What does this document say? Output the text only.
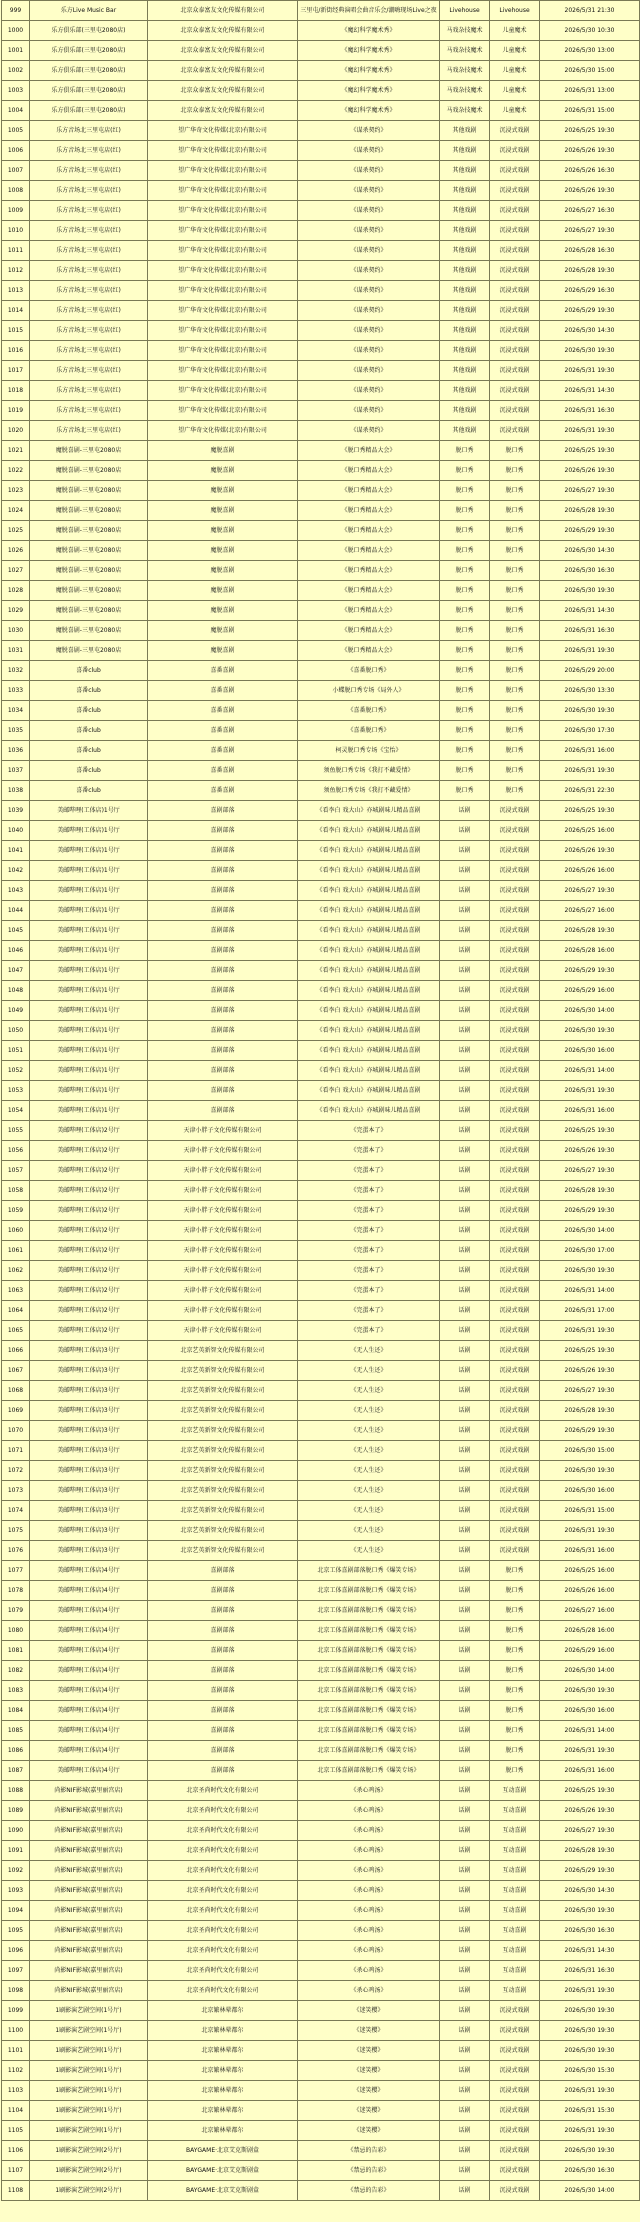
999	乐方Live Music Bar	北京众泰富友文化传媒有限公司	三里屯/新街经典演唱会曲音乐会/潮嗨现场Live之夜	Livehouse	Livehouse	2026/5/31 21:30
1000	乐方俱乐部(三里屯2080店)	北京众泰富友文化传媒有限公司	《魔幻科学魔术秀》	马戏杂技魔术	儿童魔术	2026/5/30 10:30
1001	乐方俱乐部(三里屯2080店)	北京众泰富友文化传媒有限公司	《魔幻科学魔术秀》	马戏杂技魔术	儿童魔术	2026/5/30 13:00
1002	乐方俱乐部(三里屯2080店)	北京众泰富友文化传媒有限公司	《魔幻科学魔术秀》	马戏杂技魔术	儿童魔术	2026/5/30 15:00
1003	乐方俱乐部(三里屯2080店)	北京众泰富友文化传媒有限公司	《魔幻科学魔术秀》	马戏杂技魔术	儿童魔术	2026/5/31 13:00
1004	乐方俱乐部(三里屯2080店)	北京众泰富友文化传媒有限公司	《魔幻科学魔术秀》	马戏杂技魔术	儿童魔术	2026/5/31 15:00
1005	乐方音场北三里屯店(红)	望广华奇文化传媒(北京)有限公司	《谋杀契约》	其他戏剧	沉浸式戏剧	2026/5/25 19:30
1006	乐方音场北三里屯店(红)	望广华奇文化传媒(北京)有限公司	《谋杀契约》	其他戏剧	沉浸式戏剧	2026/5/26 19:30
1007	乐方音场北三里屯店(红)	望广华奇文化传媒(北京)有限公司	《谋杀契约》	其他戏剧	沉浸式戏剧	2026/5/26 16:30
1008	乐方音场北三里屯店(红)	望广华奇文化传媒(北京)有限公司	《谋杀契约》	其他戏剧	沉浸式戏剧	2026/5/26 19:30
1009	乐方音场北三里屯店(红)	望广华奇文化传媒(北京)有限公司	《谋杀契约》	其他戏剧	沉浸式戏剧	2026/5/27 16:30
1010	乐方音场北三里屯店(红)	望广华奇文化传媒(北京)有限公司	《谋杀契约》	其他戏剧	沉浸式戏剧	2026/5/27 19:30
1011	乐方音场北三里屯店(红)	望广华奇文化传媒(北京)有限公司	《谋杀契约》	其他戏剧	沉浸式戏剧	2026/5/28 16:30
1012	乐方音场北三里屯店(红)	望广华奇文化传媒(北京)有限公司	《谋杀契约》	其他戏剧	沉浸式戏剧	2026/5/28 19:30
1013	乐方音场北三里屯店(红)	望广华奇文化传媒(北京)有限公司	《谋杀契约》	其他戏剧	沉浸式戏剧	2026/5/29 16:30
1014	乐方音场北三里屯店(红)	望广华奇文化传媒(北京)有限公司	《谋杀契约》	其他戏剧	沉浸式戏剧	2026/5/29 19:30
1015	乐方音场北三里屯店(红)	望广华奇文化传媒(北京)有限公司	《谋杀契约》	其他戏剧	沉浸式戏剧	2026/5/30 14:30
1016	乐方音场北三里屯店(红)	望广华奇文化传媒(北京)有限公司	《谋杀契约》	其他戏剧	沉浸式戏剧	2026/5/30 19:30
1017	乐方音场北三里屯店(红)	望广华奇文化传媒(北京)有限公司	《谋杀契约》	其他戏剧	沉浸式戏剧	2026/5/31 19:30
1018	乐方音场北三里屯店(红)	望广华奇文化传媒(北京)有限公司	《谋杀契约》	其他戏剧	沉浸式戏剧	2026/5/31 14:30
1019	乐方音场北三里屯店(红)	望广华奇文化传媒(北京)有限公司	《谋杀契约》	其他戏剧	沉浸式戏剧	2026/5/31 16:30
1020	乐方音场北三里屯店(红)	望广华奇文化传媒(北京)有限公司	《谋杀契约》	其他戏剧	沉浸式戏剧	2026/5/31 19:30
1021	魔脱喜剧-三里屯2080店	魔脱喜剧	《脱口秀精品大会》	脱口秀	脱口秀	2026/5/25 19:30
1022	魔脱喜剧-三里屯2080店	魔脱喜剧	《脱口秀精品大会》	脱口秀	脱口秀	2026/5/26 19:30
1023	魔脱喜剧-三里屯2080店	魔脱喜剧	《脱口秀精品大会》	脱口秀	脱口秀	2026/5/27 19:30
1024	魔脱喜剧-三里屯2080店	魔脱喜剧	《脱口秀精品大会》	脱口秀	脱口秀	2026/5/28 19:30
1025	魔脱喜剧-三里屯2080店	魔脱喜剧	《脱口秀精品大会》	脱口秀	脱口秀	2026/5/29 19:30
1026	魔脱喜剧-三里屯2080店	魔脱喜剧	《脱口秀精品大会》	脱口秀	脱口秀	2026/5/30 14:30
1027	魔脱喜剧-三里屯2080店	魔脱喜剧	《脱口秀精品大会》	脱口秀	脱口秀	2026/5/30 16:30
1028	魔脱喜剧-三里屯2080店	魔脱喜剧	《脱口秀精品大会》	脱口秀	脱口秀	2026/5/30 19:30
1029	魔脱喜剧-三里屯2080店	魔脱喜剧	《脱口秀精品大会》	脱口秀	脱口秀	2026/5/31 14:30
1030	魔脱喜剧-三里屯2080店	魔脱喜剧	《脱口秀精品大会》	脱口秀	脱口秀	2026/5/31 16:30
1031	魔脱喜剧-三里屯2080店	魔脱喜剧	《脱口秀精品大会》	脱口秀	脱口秀	2026/5/31 19:30
1032	喜番club	喜番喜剧	《喜番脱口秀》	脱口秀	脱口秀	2026/5/29 20:00
1033	喜番club	喜番喜剧	小蝶脱口秀专场《局外人》	脱口秀	脱口秀	2026/5/30 13:30
1034	喜番club	喜番喜剧	《喜番脱口秀》	脱口秀	脱口秀	2026/5/30 19:30
1035	喜番club	喜番喜剧	《喜番脱口秀》	脱口秀	脱口秀	2026/5/30 17:30
1036	喜番club	喜番喜剧	柯灵脱口秀专场《宝怡》	脱口秀	脱口秀	2026/5/31 16:00
1037	喜番club	喜番喜剧	须鱼脱口秀专场《我打不藏爱情》	脱口秀	脱口秀	2026/5/31 19:30
1038	喜番club	喜番喜剧	须鱼脱口秀专场《我打不藏爱情》	脱口秀	脱口秀	2026/5/31 22:30
1039	美邮哔哩(工体店)1号厅	喜剧部落	《看李白 戏大山》亦城剧味儿精品喜剧	话剧	沉浸式戏剧	2026/5/25 19:30
1040	美邮哔哩(工体店)1号厅	喜剧部落	《看李白 戏大山》亦城剧味儿精品喜剧	话剧	沉浸式戏剧	2026/5/25 16:00
1041	美邮哔哩(工体店)1号厅	喜剧部落	《看李白 戏大山》亦城剧味儿精品喜剧	话剧	沉浸式戏剧	2026/5/26 19:30
1042	美邮哔哩(工体店)1号厅	喜剧部落	《看李白 戏大山》亦城剧味儿精品喜剧	话剧	沉浸式戏剧	2026/5/26 16:00
1043	美邮哔哩(工体店)1号厅	喜剧部落	《看李白 戏大山》亦城剧味儿精品喜剧	话剧	沉浸式戏剧	2026/5/27 19:30
1044	美邮哔哩(工体店)1号厅	喜剧部落	《看李白 戏大山》亦城剧味儿精品喜剧	话剧	沉浸式戏剧	2026/5/27 16:00
1045	美邮哔哩(工体店)1号厅	喜剧部落	《看李白 戏大山》亦城剧味儿精品喜剧	话剧	沉浸式戏剧	2026/5/28 19:30
1046	美邮哔哩(工体店)1号厅	喜剧部落	《看李白 戏大山》亦城剧味儿精品喜剧	话剧	沉浸式戏剧	2026/5/28 16:00
1047	美邮哔哩(工体店)1号厅	喜剧部落	《看李白 戏大山》亦城剧味儿精品喜剧	话剧	沉浸式戏剧	2026/5/29 19:30
1048	美邮哔哩(工体店)1号厅	喜剧部落	《看李白 戏大山》亦城剧味儿精品喜剧	话剧	沉浸式戏剧	2026/5/29 16:00
1049	美邮哔哩(工体店)1号厅	喜剧部落	《看李白 戏大山》亦城剧味儿精品喜剧	话剧	沉浸式戏剧	2026/5/30 14:00
1050	美邮哔哩(工体店)1号厅	喜剧部落	《看李白 戏大山》亦城剧味儿精品喜剧	话剧	沉浸式戏剧	2026/5/30 19:30
1051	美邮哔哩(工体店)1号厅	喜剧部落	《看李白 戏大山》亦城剧味儿精品喜剧	话剧	沉浸式戏剧	2026/5/30 16:00
1052	美邮哔哩(工体店)1号厅	喜剧部落	《看李白 戏大山》亦城剧味儿精品喜剧	话剧	沉浸式戏剧	2026/5/31 14:00
1053	美邮哔哩(工体店)1号厅	喜剧部落	《看李白 戏大山》亦城剧味儿精品喜剧	话剧	沉浸式戏剧	2026/5/31 19:30
1054	美邮哔哩(工体店)1号厅	喜剧部落	《看李白 戏大山》亦城剧味儿精品喜剧	话剧	沉浸式戏剧	2026/5/31 16:00
1055	美邮哔哩(工体店)2号厅	天津小胖子文化传媒有限公司	《完蛋本了》	话剧	沉浸式戏剧	2026/5/25 19:30
1056	美邮哔哩(工体店)2号厅	天津小胖子文化传媒有限公司	《完蛋本了》	话剧	沉浸式戏剧	2026/5/26 19:30
1057	美邮哔哩(工体店)2号厅	天津小胖子文化传媒有限公司	《完蛋本了》	话剧	沉浸式戏剧	2026/5/27 19:30
1058	美邮哔哩(工体店)2号厅	天津小胖子文化传媒有限公司	《完蛋本了》	话剧	沉浸式戏剧	2026/5/28 19:30
1059	美邮哔哩(工体店)2号厅	天津小胖子文化传媒有限公司	《完蛋本了》	话剧	沉浸式戏剧	2026/5/29 19:30
1060	美邮哔哩(工体店)2号厅	天津小胖子文化传媒有限公司	《完蛋本了》	话剧	沉浸式戏剧	2026/5/30 14:00
1061	美邮哔哩(工体店)2号厅	天津小胖子文化传媒有限公司	《完蛋本了》	话剧	沉浸式戏剧	2026/5/30 17:00
1062	美邮哔哩(工体店)2号厅	天津小胖子文化传媒有限公司	《完蛋本了》	话剧	沉浸式戏剧	2026/5/30 19:30
1063	美邮哔哩(工体店)2号厅	天津小胖子文化传媒有限公司	《完蛋本了》	话剧	沉浸式戏剧	2026/5/31 14:00
1064	美邮哔哩(工体店)2号厅	天津小胖子文化传媒有限公司	《完蛋本了》	话剧	沉浸式戏剧	2026/5/31 17:00
1065	美邮哔哩(工体店)2号厅	天津小胖子文化传媒有限公司	《完蛋本了》	话剧	沉浸式戏剧	2026/5/31 19:30
1066	美邮哔哩(工体店)3号厅	北京艺英新智文化传媒有限公司	《无人生还》	话剧	沉浸式戏剧	2026/5/25 19:30
1067	美邮哔哩(工体店)3号厅	北京艺英新智文化传媒有限公司	《无人生还》	话剧	沉浸式戏剧	2026/5/26 19:30
1068	美邮哔哩(工体店)3号厅	北京艺英新智文化传媒有限公司	《无人生还》	话剧	沉浸式戏剧	2026/5/27 19:30
1069	美邮哔哩(工体店)3号厅	北京艺英新智文化传媒有限公司	《无人生还》	话剧	沉浸式戏剧	2026/5/28 19:30
1070	美邮哔哩(工体店)3号厅	北京艺英新智文化传媒有限公司	《无人生还》	话剧	沉浸式戏剧	2026/5/29 19:30
1071	美邮哔哩(工体店)3号厅	北京艺英新智文化传媒有限公司	《无人生还》	话剧	沉浸式戏剧	2026/5/30 15:00
1072	美邮哔哩(工体店)3号厅	北京艺英新智文化传媒有限公司	《无人生还》	话剧	沉浸式戏剧	2026/5/30 19:30
1073	美邮哔哩(工体店)3号厅	北京艺英新智文化传媒有限公司	《无人生还》	话剧	沉浸式戏剧	2026/5/30 16:00
1074	美邮哔哩(工体店)3号厅	北京艺英新智文化传媒有限公司	《无人生还》	话剧	沉浸式戏剧	2026/5/31 15:00
1075	美邮哔哩(工体店)3号厅	北京艺英新智文化传媒有限公司	《无人生还》	话剧	沉浸式戏剧	2026/5/31 19:30
1076	美邮哔哩(工体店)3号厅	北京艺英新智文化传媒有限公司	《无人生还》	话剧	沉浸式戏剧	2026/5/31 16:00
1077	美邮哔哩(工体店)4号厅	喜剧部落	北京工体喜剧部落脱口秀《爆笑专场》	话剧	脱口秀	2026/5/25 16:00
1078	美邮哔哩(工体店)4号厅	喜剧部落	北京工体喜剧部落脱口秀《爆笑专场》	话剧	脱口秀	2026/5/26 16:00
1079	美邮哔哩(工体店)4号厅	喜剧部落	北京工体喜剧部落脱口秀《爆笑专场》	话剧	脱口秀	2026/5/27 16:00
1080	美邮哔哩(工体店)4号厅	喜剧部落	北京工体喜剧部落脱口秀《爆笑专场》	话剧	脱口秀	2026/5/28 16:00
1081	美邮哔哩(工体店)4号厅	喜剧部落	北京工体喜剧部落脱口秀《爆笑专场》	话剧	脱口秀	2026/5/29 16:00
1082	美邮哔哩(工体店)4号厅	喜剧部落	北京工体喜剧部落脱口秀《爆笑专场》	话剧	脱口秀	2026/5/30 14:00
1083	美邮哔哩(工体店)4号厅	喜剧部落	北京工体喜剧部落脱口秀《爆笑专场》	话剧	脱口秀	2026/5/30 19:30
1084	美邮哔哩(工体店)4号厅	喜剧部落	北京工体喜剧部落脱口秀《爆笑专场》	话剧	脱口秀	2026/5/30 16:00
1085	美邮哔哩(工体店)4号厅	喜剧部落	北京工体喜剧部落脱口秀《爆笑专场》	话剧	脱口秀	2026/5/31 14:00
1086	美邮哔哩(工体店)4号厅	喜剧部落	北京工体喜剧部落脱口秀《爆笑专场》	话剧	脱口秀	2026/5/31 19:30
1087	美邮哔哩(工体店)4号厅	喜剧部落	北京工体喜剧部落脱口秀《爆笑专场》	话剧	脱口秀	2026/5/31 16:00
1088	尚影NIF影城(嘉里丽宫店)	北京圣尚时代文化有限公司	《杀心鸡汤》	话剧	互动喜剧	2026/5/25 19:30
1089	尚影NIF影城(嘉里丽宫店)	北京圣尚时代文化有限公司	《杀心鸡汤》	话剧	互动喜剧	2026/5/26 19:30
1090	尚影NIF影城(嘉里丽宫店)	北京圣尚时代文化有限公司	《杀心鸡汤》	话剧	互动喜剧	2026/5/27 19:30
1091	尚影NIF影城(嘉里丽宫店)	北京圣尚时代文化有限公司	《杀心鸡汤》	话剧	互动喜剧	2026/5/28 19:30
1092	尚影NIF影城(嘉里丽宫店)	北京圣尚时代文化有限公司	《杀心鸡汤》	话剧	互动喜剧	2026/5/29 19:30
1093	尚影NIF影城(嘉里丽宫店)	北京圣尚时代文化有限公司	《杀心鸡汤》	话剧	互动喜剧	2026/5/30 14:30
1094	尚影NIF影城(嘉里丽宫店)	北京圣尚时代文化有限公司	《杀心鸡汤》	话剧	互动喜剧	2026/5/30 19:30
1095	尚影NIF影城(嘉里丽宫店)	北京圣尚时代文化有限公司	《杀心鸡汤》	话剧	互动喜剧	2026/5/30 16:30
1096	尚影NIF影城(嘉里丽宫店)	北京圣尚时代文化有限公司	《杀心鸡汤》	话剧	互动喜剧	2026/5/31 14:30
1097	尚影NIF影城(嘉里丽宫店)	北京圣尚时代文化有限公司	《杀心鸡汤》	话剧	互动喜剧	2026/5/31 16:30
1098	尚影NIF影城(嘉里丽宫店)	北京圣尚时代文化有限公司	《杀心鸡汤》	话剧	互动喜剧	2026/5/31 19:30
1099	1刷影演艺剧空间(1号厅)	北京繁林晕都尔	《迷笑樱》	话剧	沉浸式戏剧	2026/5/30 19:30
1100	1刷影演艺剧空间(1号厅)	北京繁林晕都尔	《迷笑樱》	话剧	沉浸式戏剧	2026/5/30 19:30
1101	1刷影演艺剧空间(1号厅)	北京繁林晕都尔	《迷笑樱》	话剧	沉浸式戏剧	2026/5/30 19:30
1102	1刷影演艺剧空间(1号厅)	北京繁林晕都尔	《迷笑樱》	话剧	沉浸式戏剧	2026/5/30 15:30
1103	1刷影演艺剧空间(1号厅)	北京繁林晕都尔	《迷笑樱》	话剧	沉浸式戏剧	2026/5/31 19:30
1104	1刷影演艺剧空间(1号厅)	北京繁林晕都尔	《迷笑樱》	话剧	沉浸式戏剧	2026/5/31 15:30
1105	1刷影演艺剧空间(1号厅)	北京繁林晕都尔	《迷笑樱》	话剧	沉浸式戏剧	2026/5/31 19:30
1106	1刷影演艺剧空间(2号厅)	BAYGAME·北京艾克斯剧盒	《禁忌的告彩》	话剧	沉浸式戏剧	2026/5/30 19:30
1107	1刷影演艺剧空间(2号厅)	BAYGAME·北京艾克斯剧盒	《禁忌的告彩》	话剧	沉浸式戏剧	2026/5/30 16:30
1108	1刷影演艺剧空间(2号厅)	BAYGAME·北京艾克斯剧盒	《禁忌的告彩》	话剧	沉浸式戏剧	2026/5/30 14:00
